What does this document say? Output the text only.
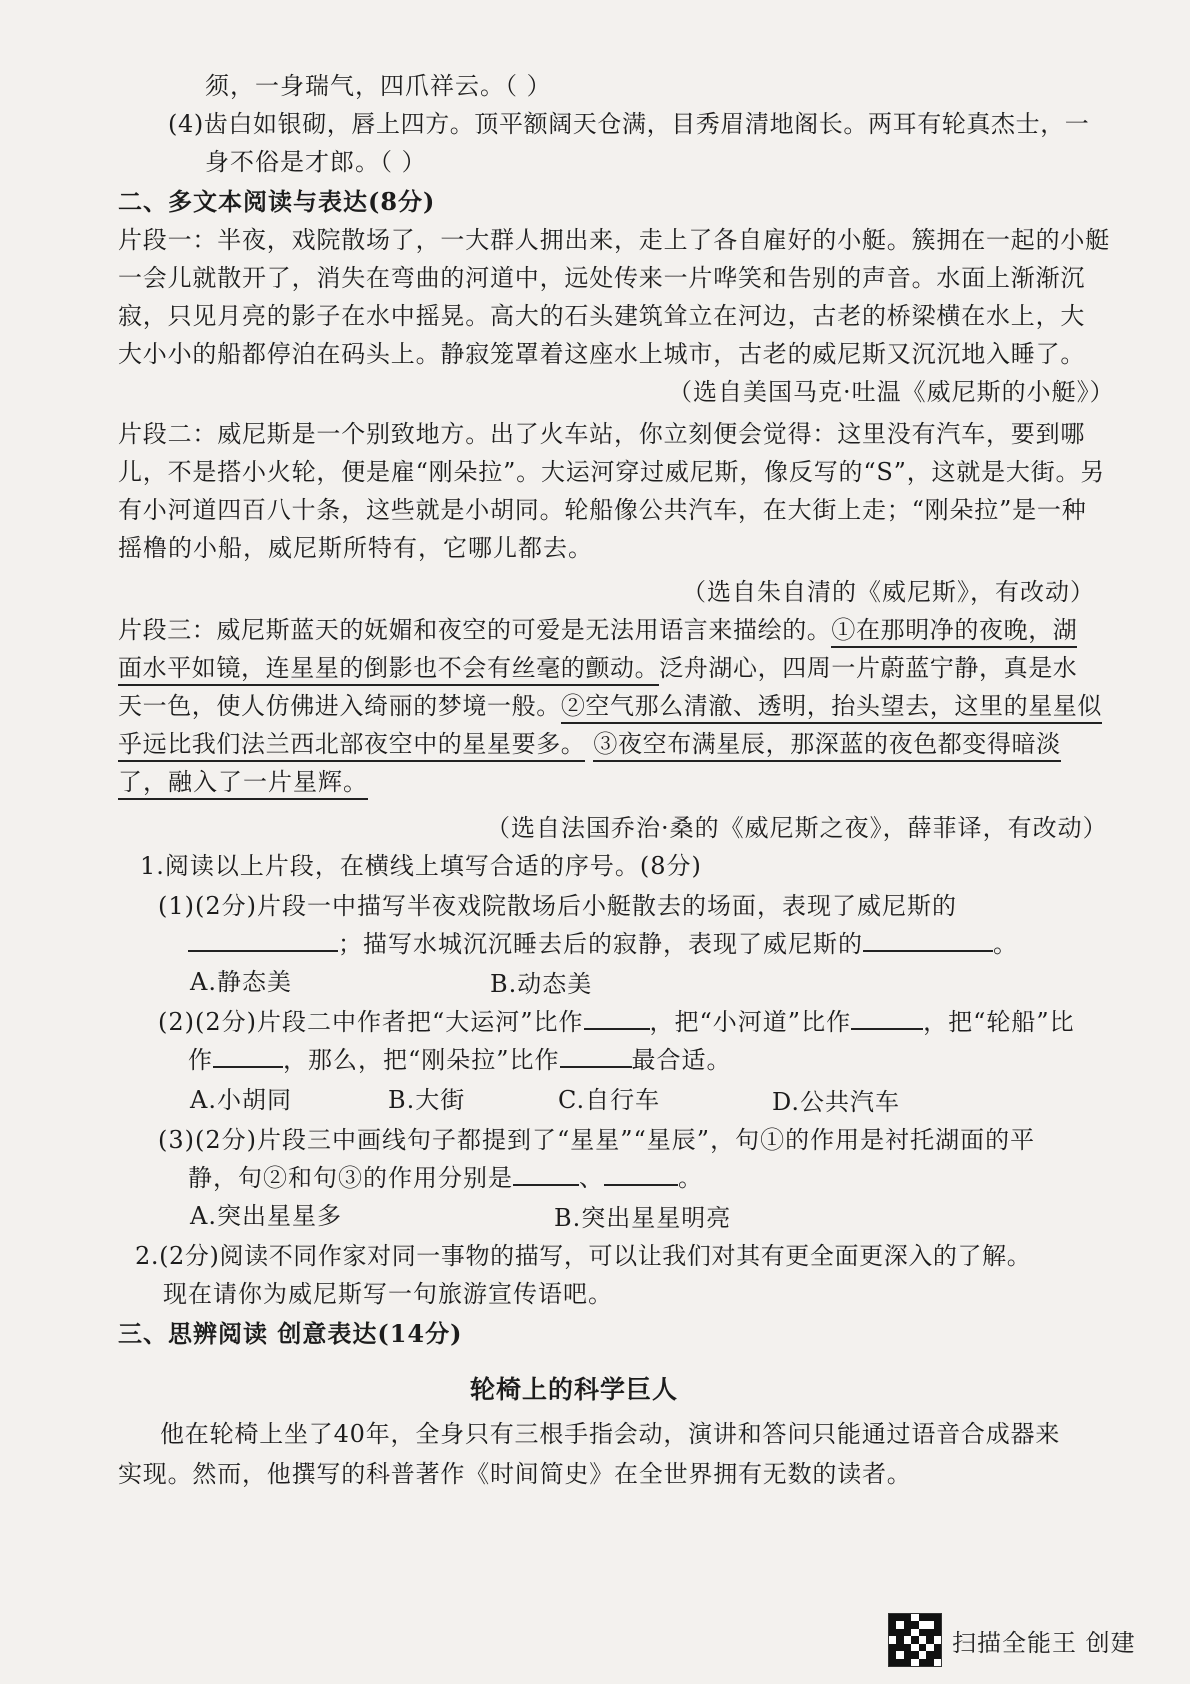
须，一身瑞气，四爪祥云。（ ）
(4)齿白如银砌，唇上四方。顶平额阔天仓满，目秀眉清地阁长。两耳有轮真杰士，一
身不俗是才郎。（ ）
二、多文本阅读与表达(8分)
片段一：半夜，戏院散场了，一大群人拥出来，走上了各自雇好的小艇。簇拥在一起的小艇
一会儿就散开了，消失在弯曲的河道中，远处传来一片哗笑和告别的声音。水面上渐渐沉
寂，只见月亮的影子在水中摇晃。高大的石头建筑耸立在河边，古老的桥梁横在水上，大
大小小的船都停泊在码头上。静寂笼罩着这座水上城市，古老的威尼斯又沉沉地入睡了。
（选自美国马克·吐温《威尼斯的小艇》）
片段二：威尼斯是一个别致地方。出了火车站，你立刻便会觉得：这里没有汽车，要到哪
儿，不是搭小火轮，便是雇“刚朵拉”。大运河穿过威尼斯，像反写的“S”，这就是大街。另
有小河道四百八十条，这些就是小胡同。轮船像公共汽车，在大街上走；“刚朵拉”是一种
摇橹的小船，威尼斯所特有，它哪儿都去。
（选自朱自清的《威尼斯》，有改动）
片段三：威尼斯蓝天的妩媚和夜空的可爱是无法用语言来描绘的。①在那明净的夜晚，湖
面水平如镜，连星星的倒影也不会有丝毫的颤动。泛舟湖心，四周一片蔚蓝宁静，真是水
天一色，使人仿佛进入绮丽的梦境一般。②空气那么清澈、透明，抬头望去，这里的星星似
乎远比我们法兰西北部夜空中的星星要多。 ③夜空布满星辰，那深蓝的夜色都变得暗淡
了，融入了一片星辉。
（选自法国乔治·桑的《威尼斯之夜》，薛菲译，有改动）
1.阅读以上片段，在横线上填写合适的序号。(8分)
(1)(2分)片段一中描写半夜戏院散场后小艇散去的场面，表现了威尼斯的
；描写水城沉沉睡去后的寂静，表现了威尼斯的	。
A.静态美	B.动态美
(2)(2分)片段二中作者把“大运河”比作	，把“小河道”比作	，把“轮船”比
作	，那么，把“刚朵拉”比作	最合适。
A.小胡同	B.大街	C.自行车	D.公共汽车
(3)(2分)片段三中画线句子都提到了“星星”“星辰”，句①的作用是衬托湖面的平
静，句②和句③的作用分别是	、	。
A.突出星星多	B.突出星星明亮
2.(2分)阅读不同作家对同一事物的描写，可以让我们对其有更全面更深入的了解。
现在请你为威尼斯写一句旅游宣传语吧。
三、思辨阅读 创意表达(14分)
轮椅上的科学巨人
他在轮椅上坐了40年，全身只有三根手指会动，演讲和答问只能通过语音合成器来
实现。然而，他撰写的科普著作《时间简史》在全世界拥有无数的读者。
扫描全能王 创建
